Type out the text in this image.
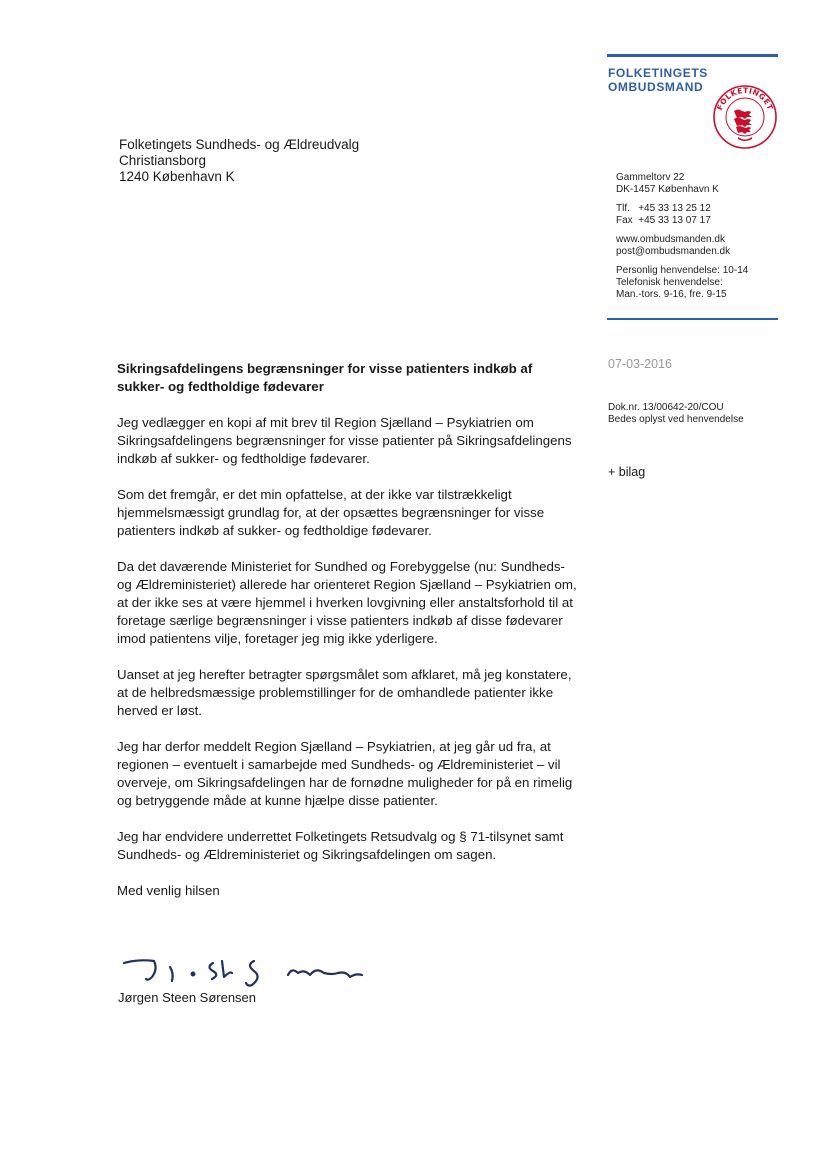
FOLKETINGETS
OMBUDSMAND
FOLKETINGET
Folketingets Sundheds- og Ældreudvalg
Christiansborg
1240 København K	Gammeltorv 22
DK-1457 København K
Tlf.   +45 33 13 25 12
Fax  +45 33 13 07 17
www.ombudsmanden.dk
post@ombudsmanden.dk
Personlig henvendelse: 10-14
Telefonisk henvendelse:
Man.-tors. 9-16, fre. 9-15
07-03-2016
Dok.nr. 13/00642-20/COU
Bedes oplyst ved henvendelse
+ bilag

Sikringsafdelingens begrænsninger for visse patienters indkøb af sukker- og fedtholdige fødevarer

Jeg vedlægger en kopi af mit brev til Region Sjælland – Psykiatrien om Sikringsafdelingens begrænsninger for visse patienter på Sikringsafdelingens indkøb af sukker- og fedtholdige fødevarer.

Som det fremgår, er det min opfattelse, at der ikke var tilstrækkeligt hjemmelsmæssigt grundlag for, at der opsættes begrænsninger for visse patienters indkøb af sukker- og fedtholdige fødevarer.

Da det daværende Ministeriet for Sundhed og Forebyggelse (nu: Sundheds- og Ældreministeriet) allerede har orienteret Region Sjælland – Psykiatrien om, at der ikke ses at være hjemmel i hverken lovgivning eller anstaltsforhold til at foretage særlige begrænsninger i visse patienters indkøb af disse fødevarer imod patientens vilje, foretager jeg mig ikke yderligere.

Uanset at jeg herefter betragter spørgsmålet som afklaret, må jeg konstatere, at de helbredsmæssige problemstillinger for de omhandlede patienter ikke herved er løst.

Jeg har derfor meddelt Region Sjælland – Psykiatrien, at jeg går ud fra, at regionen – eventuelt i samarbejde med Sundheds- og Ældreministeriet – vil overveje, om Sikringsafdelingen har de fornødne muligheder for på en rimelig og betryggende måde at kunne hjælpe disse patienter.

Jeg har endvidere underrettet Folketingets Retsudvalg og § 71-tilsynet samt Sundheds- og Ældreministeriet og Sikringsafdelingen om sagen.

Med venlig hilsen

Jørgen Steen Sørensen
